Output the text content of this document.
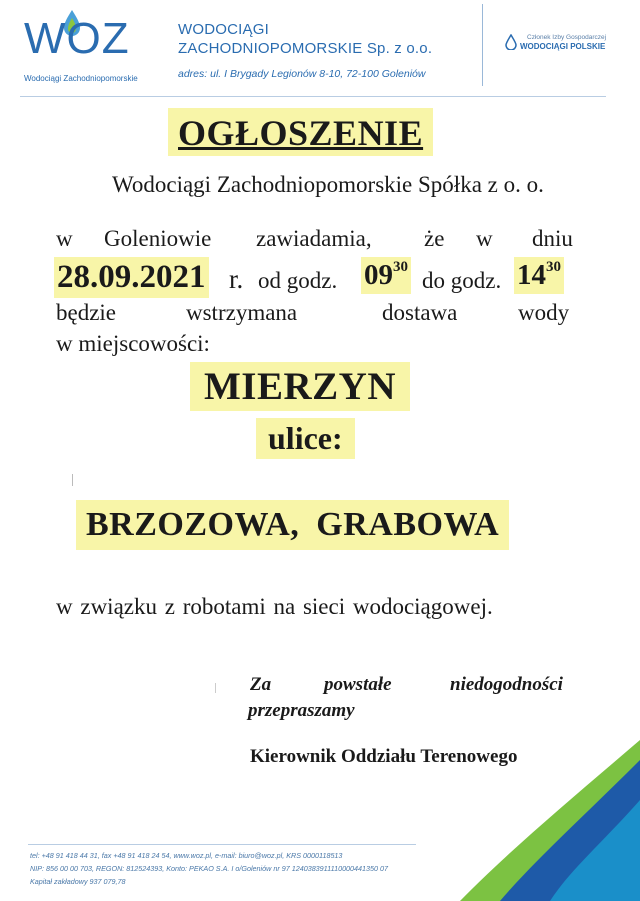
WOZ
Wodociągi Zachodniopomorskie
WODOCIĄGI
ZACHODNIOPOMORSKIE Sp. z o.o.
adres: ul. I Brygady Legionów 8-10, 72-100 Goleniów
Członek Izby Gospodarczej
WODOCIĄGI POLSKIE
OGŁOSZENIE
Wodociągi Zachodniopomorskie Spółka z o. o.
w Goleniowie zawiadamia, że w dniu
28.09.2021 r. od godz. $09^{30}$
do godz. $14^{30}$
będzie	wstrzymana	dostawa	wody
w miejscowości:
MIERZYN
ulice:
BRZOZOWA, GRABOWA
w związku z robotami na sieci wodociągowej.
Za	powstałe	niedogodności
przepraszamy
Kierownik Oddziału Terenowego
tel: +48 91 418 44 31, fax +48 91 418 24 54, www.woz.pl, e-mail: biuro@woz.pl, KRS 0000118513
NIP: 856 00 00 703, REGON: 812524393, Konto: PEKAO S.A. I o/Goleniów nr 97 1240383911110000441350 07
Kapitał zakładowy 937 079,78
